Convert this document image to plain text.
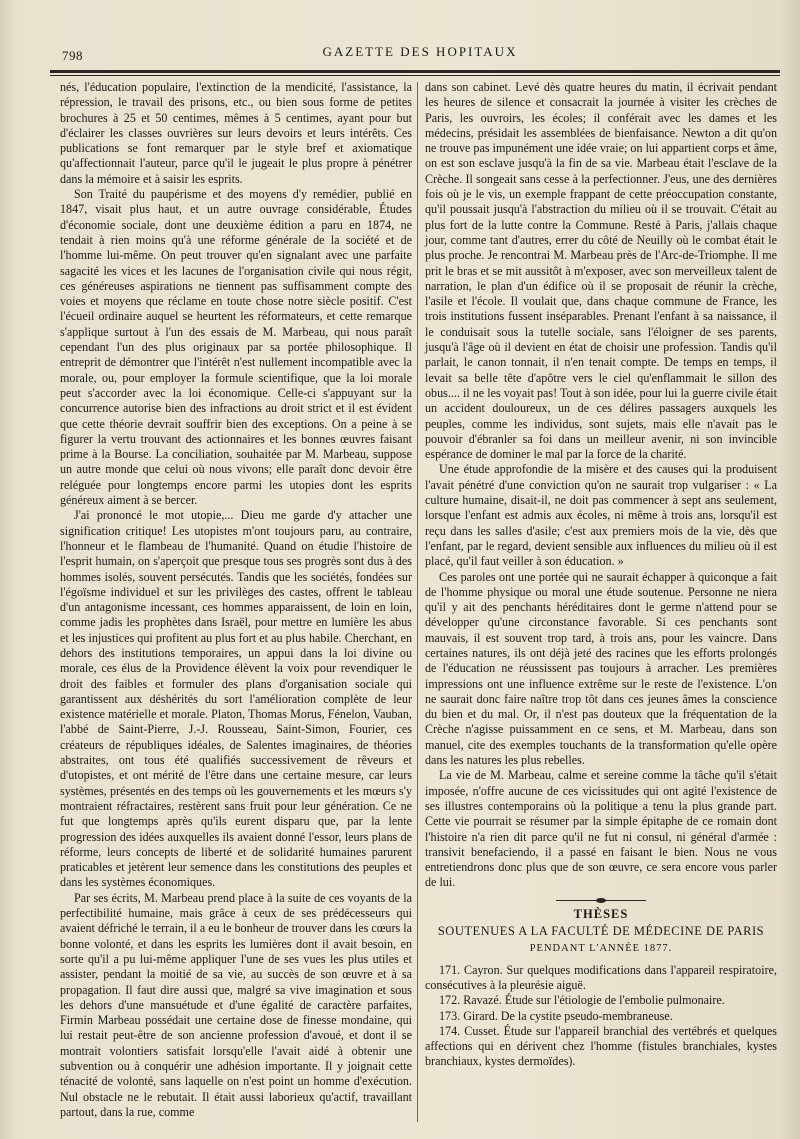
798	GAZETTE DES HOPITAUX

nés, l'éducation populaire, l'extinction de la mendicité, l'assistance, la répression, le travail des prisons, etc., ou bien sous forme de petites brochures à 25 et 50 centimes, mêmes à 5 centimes, ayant pour but d'éclairer les classes ouvrières sur leurs devoirs et leurs intérêts. Ces publications se font remarquer par le style bref et axiomatique qu'affectionnait l'auteur, parce qu'il le jugeait le plus propre à pénétrer dans la mémoire et à saisir les esprits.

Son Traité du paupérisme et des moyens d'y remédier, publié en 1847, visait plus haut, et un autre ouvrage considérable, Études d'économie sociale, dont une deuxième édition a paru en 1874, ne tendait à rien moins qu'à une réforme générale de la société et de l'homme lui-même. On peut trouver qu'en signalant avec une parfaite sagacité les vices et les lacunes de l'organisation civile qui nous régit, ces généreuses aspirations ne tiennent pas suffisamment compte des voies et moyens que réclame en toute chose notre siècle positif. C'est l'écueil ordinaire auquel se heurtent les réformateurs, et cette remarque s'applique surtout à l'un des essais de M. Marbeau, qui nous paraît cependant l'un des plus originaux par sa portée philosophique. Il entreprit de démontrer que l'intérêt n'est nullement incompatible avec la morale, ou, pour employer la formule scientifique, que la loi morale peut s'accorder avec la loi économique. Celle-ci s'appuyant sur la concurrence autorise bien des infractions au droit strict et il est évident que cette théorie devrait souffrir bien des exceptions. On a peine à se figurer la vertu trouvant des actionnaires et les bonnes œuvres faisant prime à la Bourse. La conciliation, souhaitée par M. Marbeau, suppose un autre monde que celui où nous vivons; elle paraît donc devoir être reléguée pour longtemps encore parmi les utopies dont les esprits généreux aiment à se bercer.

J'ai prononcé le mot utopie,... Dieu me garde d'y attacher une signification critique! Les utopistes m'ont toujours paru, au contraire, l'honneur et le flambeau de l'humanité. Quand on étudie l'histoire de l'esprit humain, on s'aperçoit que presque tous ses progrès sont dus à des hommes isolés, souvent persécutés. Tandis que les sociétés, fondées sur l'égoïsme individuel et sur les privilèges des castes, offrent le tableau d'un antagonisme incessant, ces hommes apparaissent, de loin en loin, comme jadis les prophètes dans Israël, pour mettre en lumière les abus et les injustices qui profitent au plus fort et au plus habile. Cherchant, en dehors des institutions temporaires, un appui dans la loi divine ou morale, ces élus de la Providence élèvent la voix pour revendiquer le droit des faibles et formuler des plans d'organisation sociale qui garantissent aux déshérités du sort l'amélioration complète de leur existence matérielle et morale. Platon, Thomas Morus, Fénelon, Vauban, l'abbé de Saint-Pierre, J.-J. Rousseau, Saint-Simon, Fourier, ces créateurs de républiques idéales, de Salentes imaginaires, de théories abstraites, ont tous été qualifiés successivement de rêveurs et d'utopistes, et ont mérité de l'être dans une certaine mesure, car leurs systèmes, présentés en des temps où les gouvernements et les mœurs s'y montraient réfractaires, restèrent sans fruit pour leur génération. Ce ne fut que longtemps après qu'ils eurent disparu que, par la lente progression des idées auxquelles ils avaient donné l'essor, leurs plans de réforme, leurs concepts de liberté et de solidarité humaines parurent praticables et jetèrent leur semence dans les constitutions des peuples et dans les systèmes économiques.

Par ses écrits, M. Marbeau prend place à la suite de ces voyants de la perfectibilité humaine, mais grâce à ceux de ses prédécesseurs qui avaient défriché le terrain, il a eu le bonheur de trouver dans les cœurs la bonne volonté, et dans les esprits les lumières dont il avait besoin, en sorte qu'il a pu lui-même appliquer l'une de ses vues les plus utiles et assister, pendant la moitié de sa vie, au succès de son œuvre et à sa propagation. Il faut dire aussi que, malgré sa vive imagination et sous les dehors d'une mansuétude et d'une égalité de caractère parfaites, Firmin Marbeau possédait une certaine dose de finesse mondaine, qui lui restait peut-être de son ancienne profession d'avoué, et dont il se montrait volontiers satisfait lorsqu'elle l'avait aidé à obtenir une subvention ou à conquérir une adhésion importante. Il y joignait cette ténacité de volonté, sans laquelle on n'est point un homme d'exécution. Nul obstacle ne le rebutait. Il était aussi laborieux qu'actif, travaillant partout, dans la rue, comme

dans son cabinet. Levé dès quatre heures du matin, il écrivait pendant les heures de silence et consacrait la journée à visiter les crèches de Paris, les ouvroirs, les écoles; il conférait avec les dames et les médecins, présidait les assemblées de bienfaisance. Newton a dit qu'on ne trouve pas impunément une idée vraie; on lui appartient corps et âme, on est son esclave jusqu'à la fin de sa vie. Marbeau était l'esclave de la Crèche. Il songeait sans cesse à la perfectionner. J'eus, une des dernières fois où je le vis, un exemple frappant de cette préoccupation constante, qu'il poussait jusqu'à l'abstraction du milieu où il se trouvait. C'était au plus fort de la lutte contre la Commune. Resté à Paris, j'allais chaque jour, comme tant d'autres, errer du côté de Neuilly où le combat était le plus proche. Je rencontrai M. Marbeau près de l'Arc-de-Triomphe. Il me prit le bras et se mit aussitôt à m'exposer, avec son merveilleux talent de narration, le plan d'un édifice où il se proposait de réunir la crèche, l'asile et l'école. Il voulait que, dans chaque commune de France, les trois institutions fussent inséparables. Prenant l'enfant à sa naissance, il le conduisait sous la tutelle sociale, sans l'éloigner de ses parents, jusqu'à l'âge où il devient en état de choisir une profession. Tandis qu'il parlait, le canon tonnait, il n'en tenait compte. De temps en temps, il levait sa belle tête d'apôtre vers le ciel qu'enflammait le sillon des obus.... il ne les voyait pas! Tout à son idée, pour lui la guerre civile était un accident douloureux, un de ces délires passagers auxquels les peuples, comme les individus, sont sujets, mais elle n'avait pas le pouvoir d'ébranler sa foi dans un meilleur avenir, ni son invincible espérance de dominer le mal par la force de la charité.

Une étude approfondie de la misère et des causes qui la produisent l'avait pénétré d'une conviction qu'on ne saurait trop vulgariser : « La culture humaine, disait-il, ne doit pas commencer à sept ans seulement, lorsque l'enfant est admis aux écoles, ni même à trois ans, lorsqu'il est reçu dans les salles d'asile; c'est aux premiers mois de la vie, dès que l'enfant, par le regard, devient sensible aux influences du milieu où il est placé, qu'il faut veiller à son éducation. »

Ces paroles ont une portée qui ne saurait échapper à quiconque a fait de l'homme physique ou moral une étude soutenue. Personne ne niera qu'il y ait des penchants héréditaires dont le germe n'attend pour se développer qu'une circonstance favorable. Si ces penchants sont mauvais, il est souvent trop tard, à trois ans, pour les vaincre. Dans certaines natures, ils ont déjà jeté des racines que les efforts prolongés de l'éducation ne réussissent pas toujours à arracher. Les premières impressions ont une influence extrême sur le reste de l'existence. L'on ne saurait donc faire naître trop tôt dans ces jeunes âmes la conscience du bien et du mal. Or, il n'est pas douteux que la fréquentation de la Crèche n'agisse puissamment en ce sens, et M. Marbeau, dans son manuel, cite des exemples touchants de la transformation qu'elle opère dans les natures les plus rebelles.

La vie de M. Marbeau, calme et sereine comme la tâche qu'il s'était imposée, n'offre aucune de ces vicissitudes qui ont agité l'existence de ses illustres contemporains où la politique a tenu la plus grande part. Cette vie pourrait se résumer par la simple épitaphe de ce romain dont l'histoire n'a rien dit parce qu'il ne fut ni consul, ni général d'armée : transivit benefaciendo, il a passé en faisant le bien. Nous ne vous entretiendrons donc plus que de son œuvre, ce sera encore vous parler de lui.

THÈSES
SOUTENUES A LA FACULTÉ DE MÉDECINE DE PARIS
PENDANT L'ANNÉE 1877.

171. Cayron. Sur quelques modifications dans l'appareil respiratoire, consécutives à la pleurésie aiguë.

172. Ravazé. Étude sur l'étiologie de l'embolie pulmonaire.

173. Girard. De la cystite pseudo-membraneuse.

174. Cusset. Étude sur l'appareil branchial des vertébrés et quelques affections qui en dérivent chez l'homme (fistules branchiales, kystes branchiaux, kystes dermoïdes).
